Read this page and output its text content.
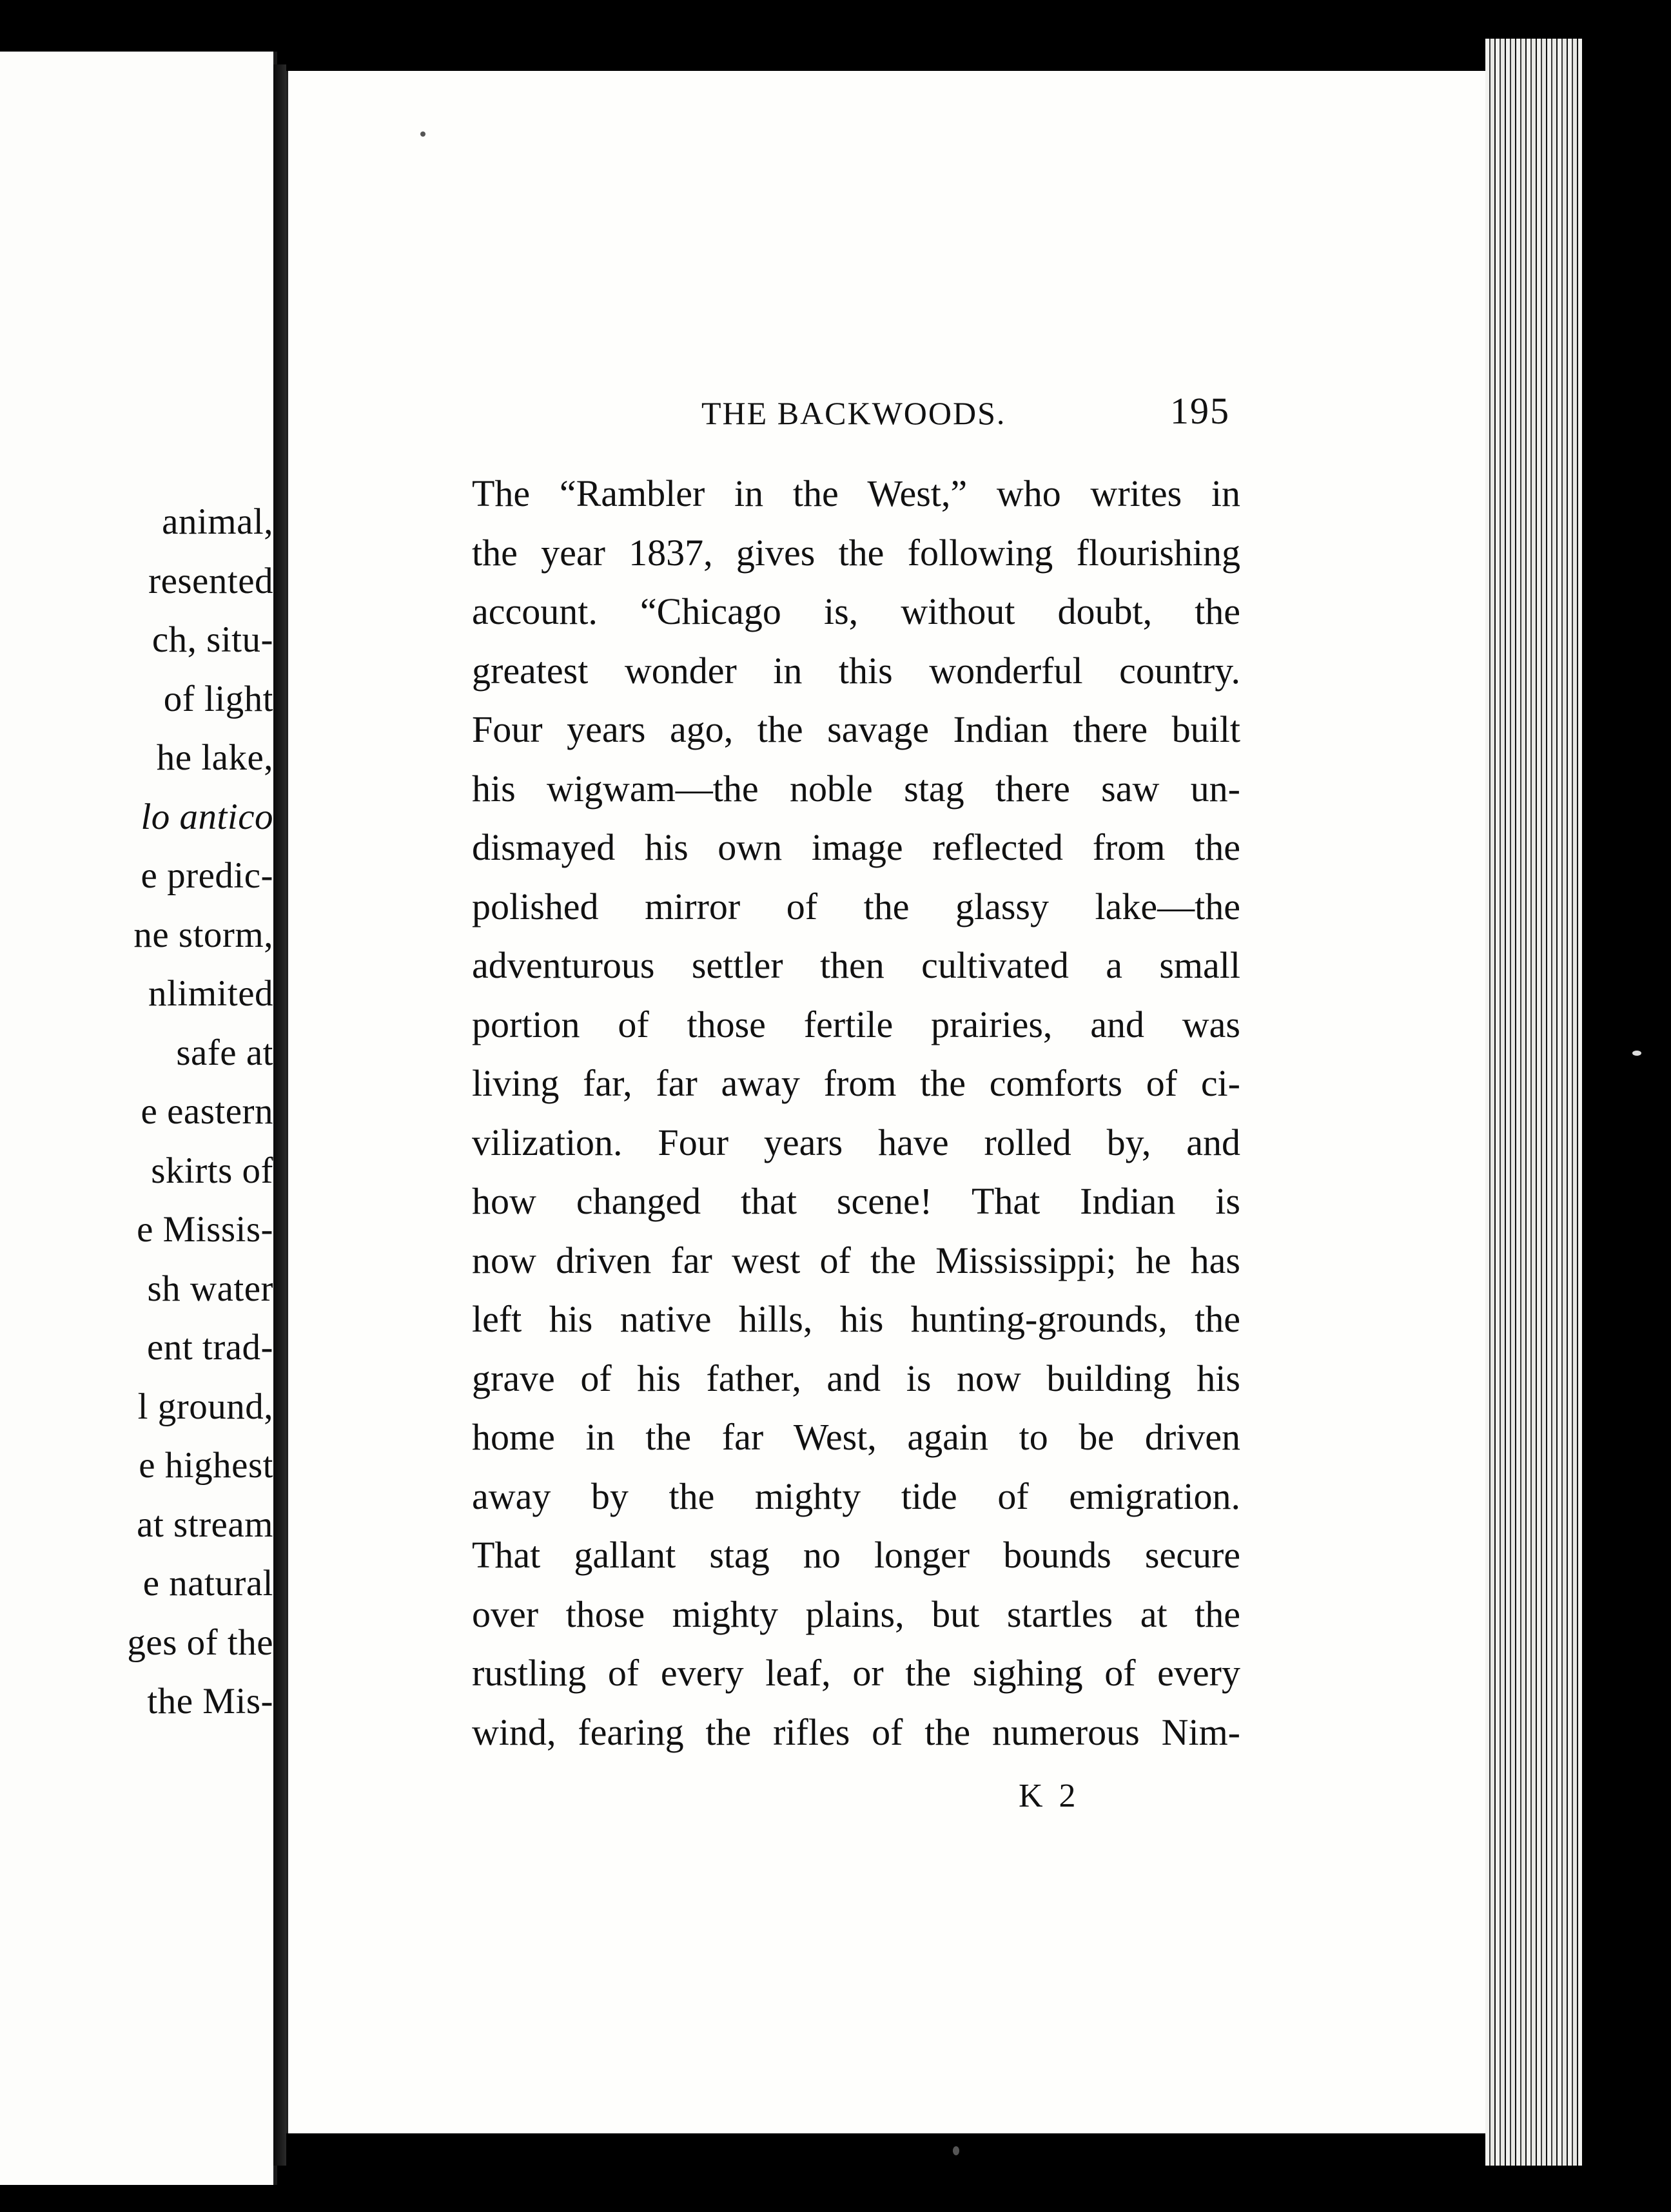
animal,
resented
ch, situ-
of light
he lake,
lo antico
e predic-
ne storm,
nlimited
safe at
e eastern
skirts of
e Missis-
sh water
ent trad-
l ground,
e highest
at stream
e natural
ges of the
the Mis-
THE BACKWOODS.	195
The “Rambler in the West,” who writes in
the year 1837, gives the following flourishing
account. “Chicago is, without doubt, the
greatest wonder in this wonderful country.
Four years ago, the savage Indian there built
his wigwam—the noble stag there saw un-
dismayed his own image reflected from the
polished mirror of the glassy lake—the
adventurous settler then cultivated a small
portion of those fertile prairies, and was
living far, far away from the comforts of ci-
vilization. Four years have rolled by, and
how changed that scene! That Indian is
now driven far west of the Mississippi; he has
left his native hills, his hunting-grounds, the
grave of his father, and is now building his
home in the far West, again to be driven
away by the mighty tide of emigration.
That gallant stag no longer bounds secure
over those mighty plains, but startles at the
rustling of every leaf, or the sighing of every
wind, fearing the rifles of the numerous Nim-
K 2
